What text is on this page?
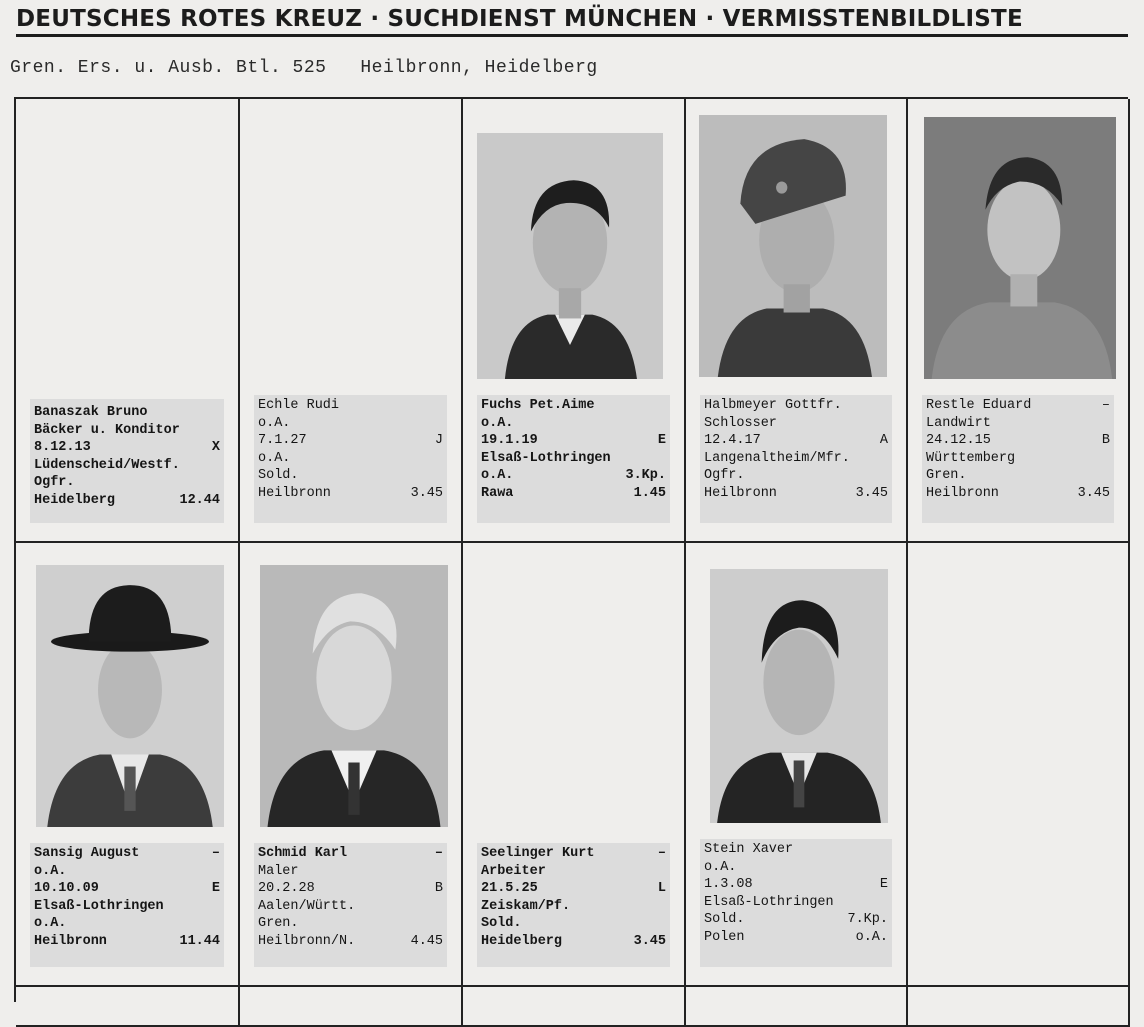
DEUTSCHES ROTES KREUZ · SUCHDIENST MÜNCHEN · VERMISSTENBILDLISTE
Gren. Ers. u. Ausb. Btl. 525 Heilbronn, Heidelberg
Banaszak Bruno
Bäcker u. Konditor
8.12.13	X
Lüdenscheid/Westf.
Ogfr.
Heidelberg	12.44
Echle Rudi
o.A.
7.1.27	J
o.A.
Sold.
Heilbronn	3.45
Fuchs Pet.Aime
o.A.
19.1.19	E
Elsaß-Lothringen
o.A.	3.Kp.
Rawa	1.45
Halbmeyer Gottfr.
Schlosser
12.4.17	A
Langenaltheim/Mfr.
Ogfr.
Heilbronn	3.45
Restle Eduard	–
Landwirt
24.12.15	B
Württemberg
Gren.
Heilbronn	3.45
Sansig August	–
o.A.
10.10.09	E
Elsaß-Lothringen
o.A.
Heilbronn	11.44
Schmid Karl	–
Maler
20.2.28	B
Aalen/Württ.
Gren.
Heilbronn/N.	4.45
Seelinger Kurt	–
Arbeiter
21.5.25	L
Zeiskam/Pf.
Sold.
Heidelberg	3.45
Stein Xaver
o.A.
1.3.08	E
Elsaß-Lothringen
Sold.	7.Kp.
Polen	o.A.
